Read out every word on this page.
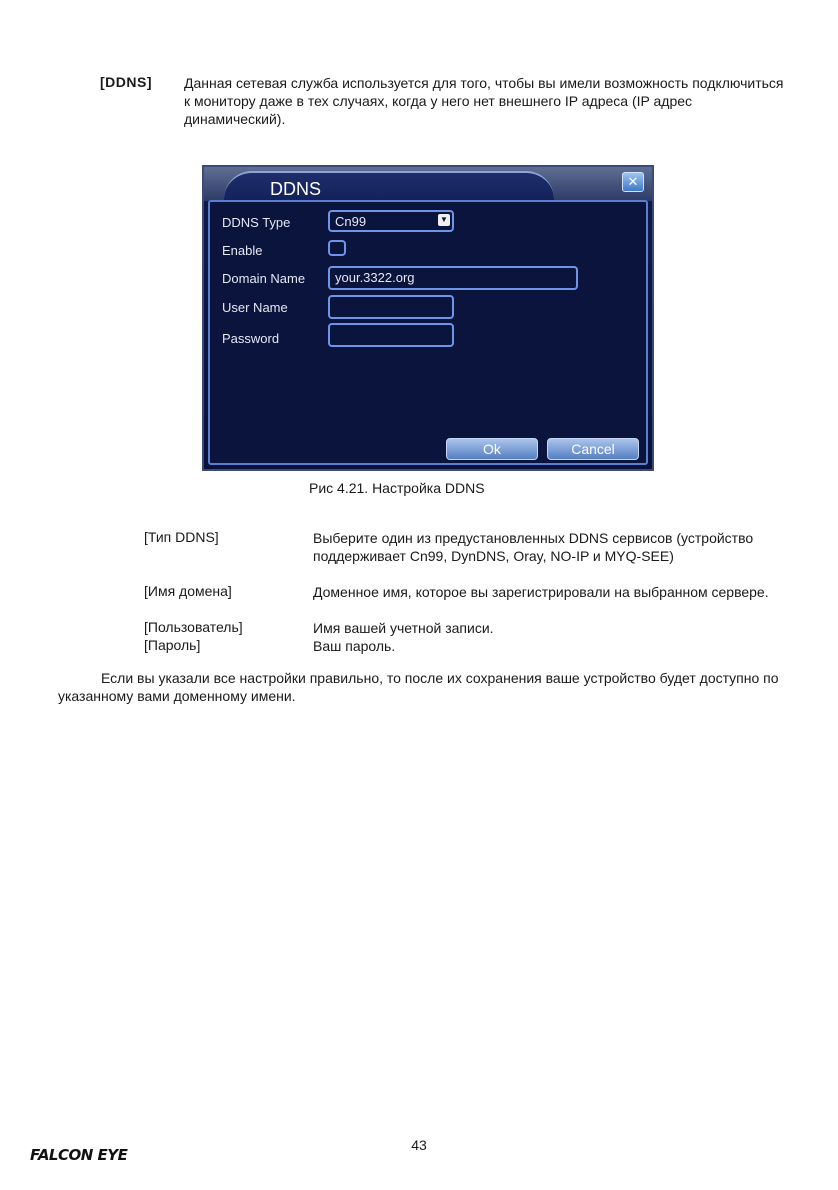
[DDNS] Данная сетевая служба используется для того, чтобы вы имели возможность подключиться к монитору даже в тех случаях, когда у него нет внешнего IP адреса (IP адрес динамический).
DDNS	✕
DDNS Type	Cn99	▼
Enable
Domain Name	your.3322.org
User Name
Password
Ok	Cancel
Рис 4.21. Настройка DDNS
[Тип DDNS]	Выберите один из предустановленных DDNS сервисов (устройство поддерживает Cn99, DynDNS, Oray, NO-IP и MYQ-SEE)
[Имя домена]	Доменное имя, которое вы зарегистрировали на выбранном сервере.
[Пользователь]	Имя вашей учетной записи.
[Пароль]	Ваш пароль.
Если вы указали все настройки правильно, то после их сохранения ваше устройство будет доступно по указанному вами доменному имени.
43
FALCON EYE
